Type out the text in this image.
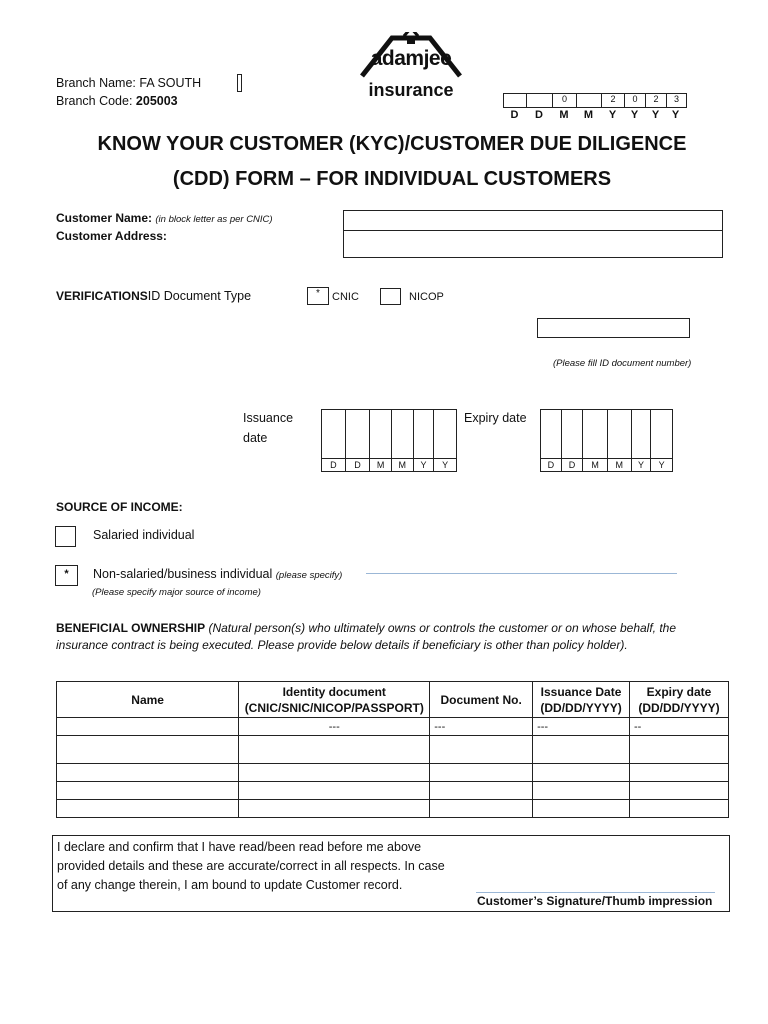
Branch Name: FA SOUTH
Branch Code: 205003
adamjee
insurance	0	2	0	2	3
D	D	M	M	Y	Y	Y	Y
KNOW YOUR CUSTOMER (KYC)/CUSTOMER DUE DILIGENCE
(CDD) FORM – FOR INDIVIDUAL CUSTOMERS
Customer Name: (in block letter as per CNIC)
Customer Address:
VERIFICATIONSID Document Type	*	CNIC	NICOP
(Please fill ID document number)
Issuance
date
D	D	M	M	Y	Y
Expiry date
D	D	M	M	Y	Y
SOURCE OF INCOME:
Salaried individual
*	Non-salaried/business individual (please specify)
(Please specify major source of income)
BENEFICIAL OWNERSHIP (Natural person(s) who ultimately owns or controls the customer or on whose behalf, the insurance contract is being executed. Please provide below details if beneficiary is other than policy holder).
Name	Identity document (CNIC/SNIC/NICOP/PASSPORT)	Document No.	Issuance Date (DD/DD/YYYY)	Expiry date (DD/DD/YYYY)
	---	---	---	--

I declare and confirm that I have read/been read before me above
provided details and these are accurate/correct in all respects. In case
of any change therein, I am bound to update Customer record.
Customer’s Signature/Thumb impression
